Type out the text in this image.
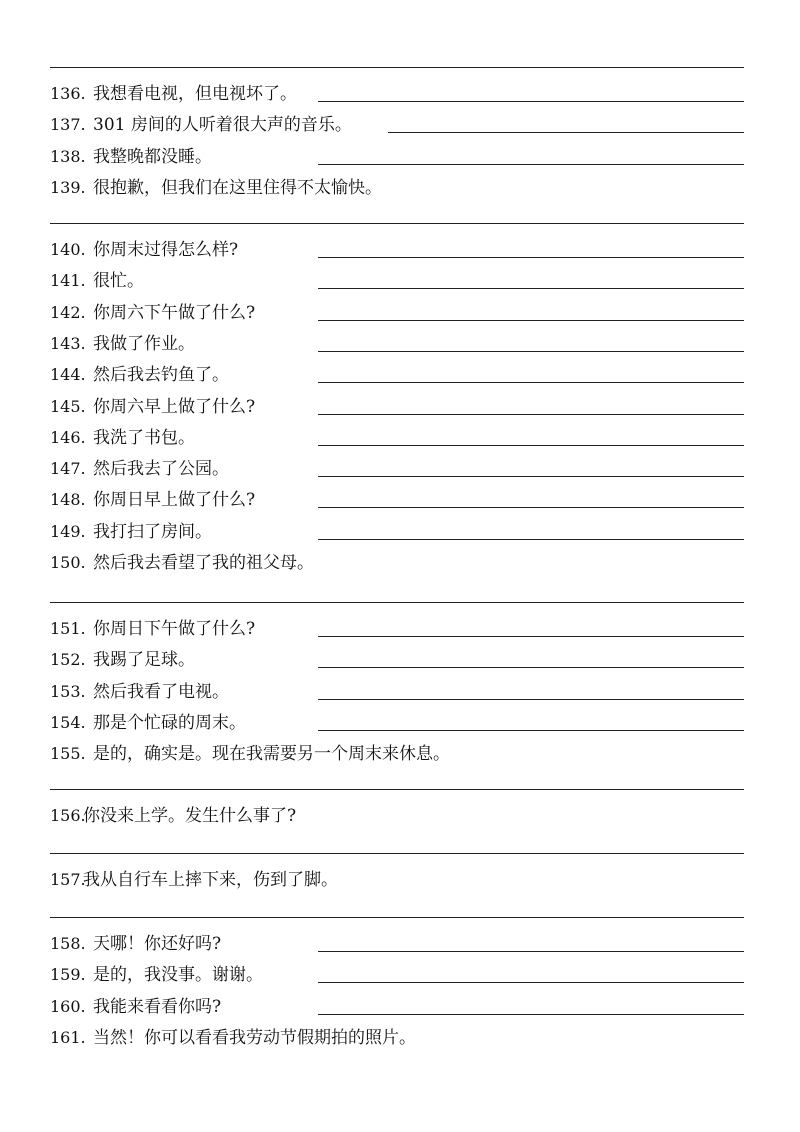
136. 我想看电视，但电视坏了。
137. 301 房间的人听着很大声的音乐。
138. 我整晚都没睡。
139. 很抱歉，但我们在这里住得不太愉快。
140. 你周末过得怎么样?
141. 很忙。
142. 你周六下午做了什么?
143. 我做了作业。
144. 然后我去钓鱼了。
145. 你周六早上做了什么?
146. 我洗了书包。
147. 然后我去了公园。
148. 你周日早上做了什么?
149. 我打扫了房间。
150. 然后我去看望了我的祖父母。
151. 你周日下午做了什么?
152. 我踢了足球。
153. 然后我看了电视。
154. 那是个忙碌的周末。
155. 是的，确实是。现在我需要另一个周末来休息。
156.
你没来上学。发生什么事了?
157.
我从自行车上摔下来，伤到了脚。
158. 天哪！你还好吗?
159. 是的，我没事。谢谢。
160. 我能来看看你吗?
161. 当然！你可以看看我劳动节假期拍的照片。
